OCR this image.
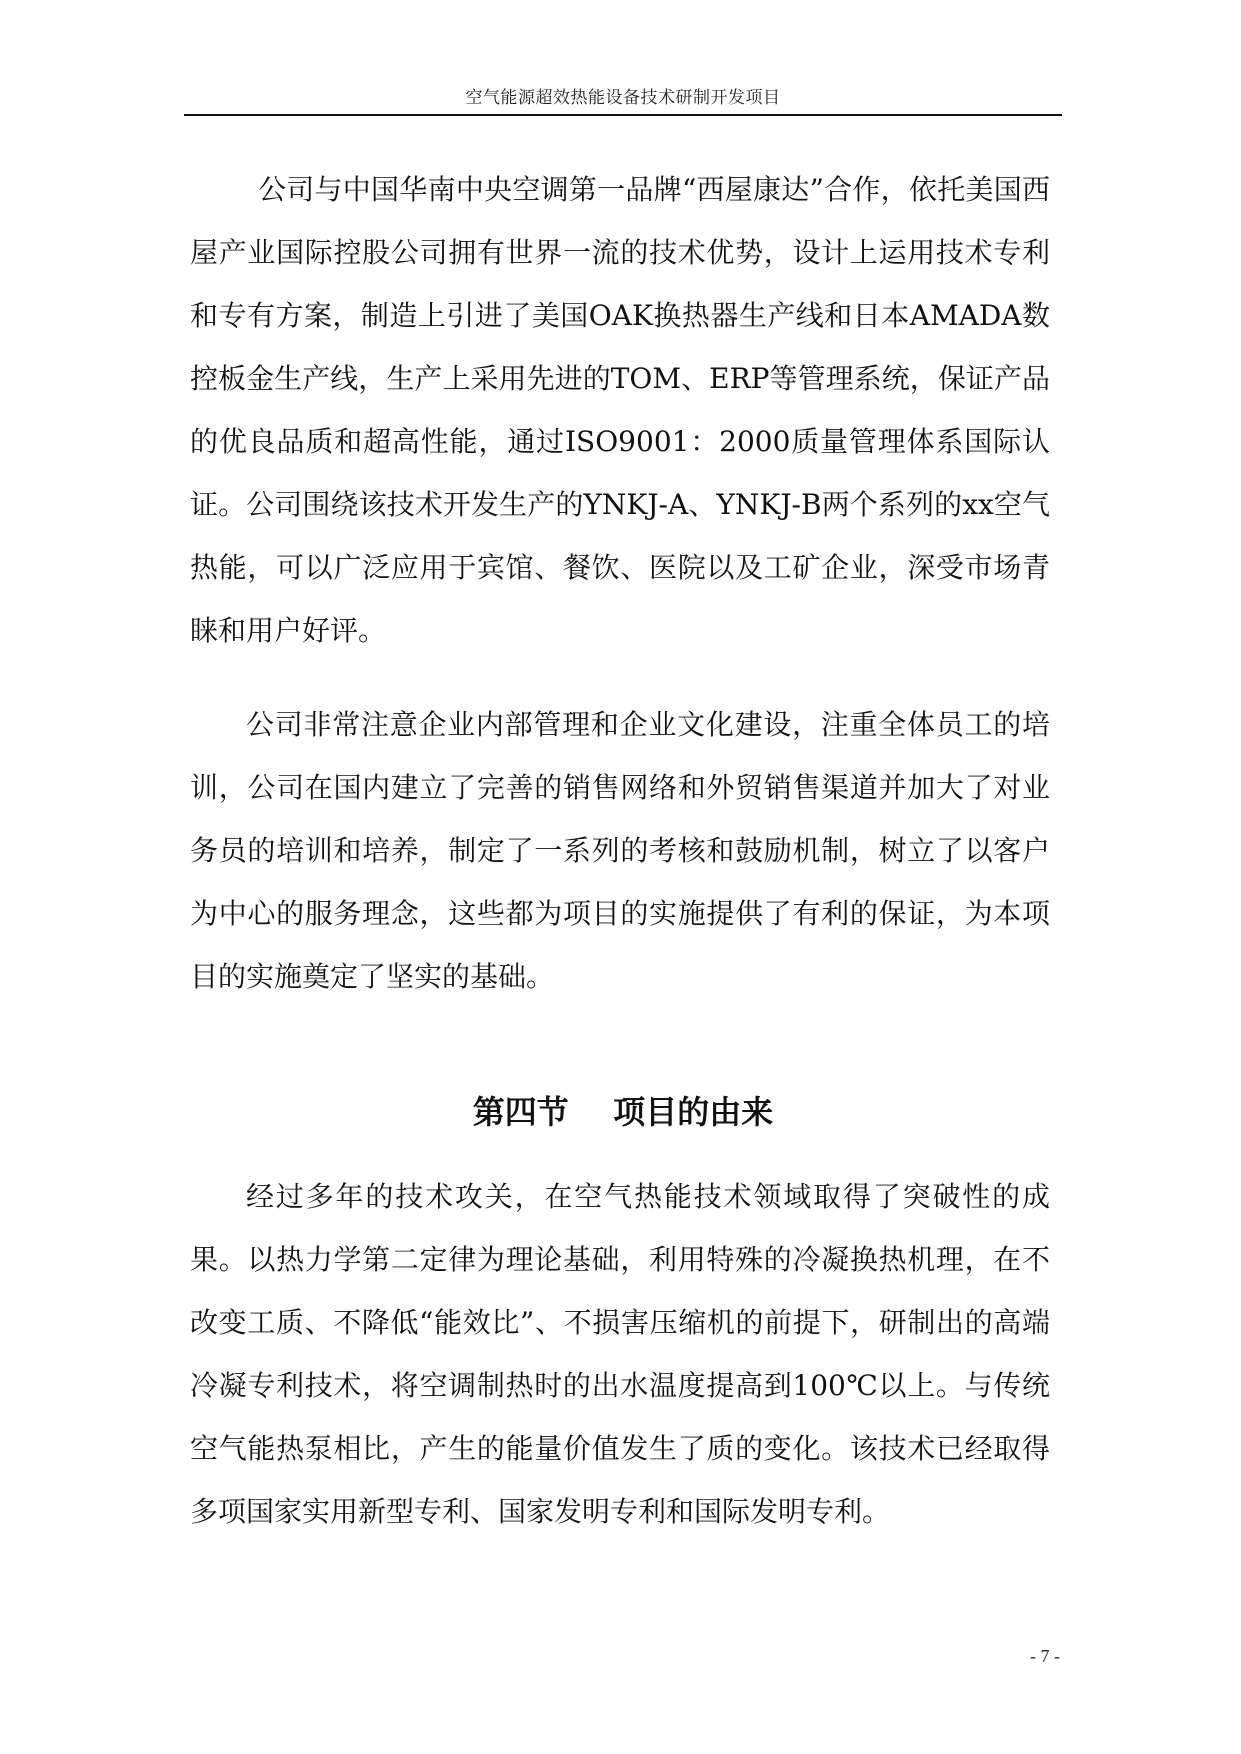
空气能源超效热能设备技术研制开发项目

公司与中国华南中央空调第一品牌“西屋康达”合作，依托美国西屋产业国际控股公司拥有世界一流的技术优势，设计上运用技术专利和专有方案，制造上引进了美国OAK换热器生产线和日本AMADA数控板金生产线，生产上采用先进的TOM、ERP等管理系统，保证产品的优良品质和超高性能，通过ISO9001：2000质量管理体系国际认证。公司围绕该技术开发生产的YNKJ-A、YNKJ-B两个系列的xx空气热能，可以广泛应用于宾馆、餐饮、医院以及工矿企业，深受市场青睐和用户好评。

公司非常注意企业内部管理和企业文化建设，注重全体员工的培训，公司在国内建立了完善的销售网络和外贸销售渠道并加大了对业务员的培训和培养，制定了一系列的考核和鼓励机制，树立了以客户为中心的服务理念，这些都为项目的实施提供了有利的保证，为本项目的实施奠定了坚实的基础。

第四节    项目的由来

经过多年的技术攻关，在空气热能技术领域取得了突破性的成果。以热力学第二定律为理论基础，利用特殊的冷凝换热机理，在不改变工质、不降低“能效比”、不损害压缩机的前提下，研制出的高端冷凝专利技术，将空调制热时的出水温度提高到100℃以上。与传统空气能热泵相比，产生的能量价值发生了质的变化。该技术已经取得多项国家实用新型专利、国家发明专利和国际发明专利。

- 7 -
